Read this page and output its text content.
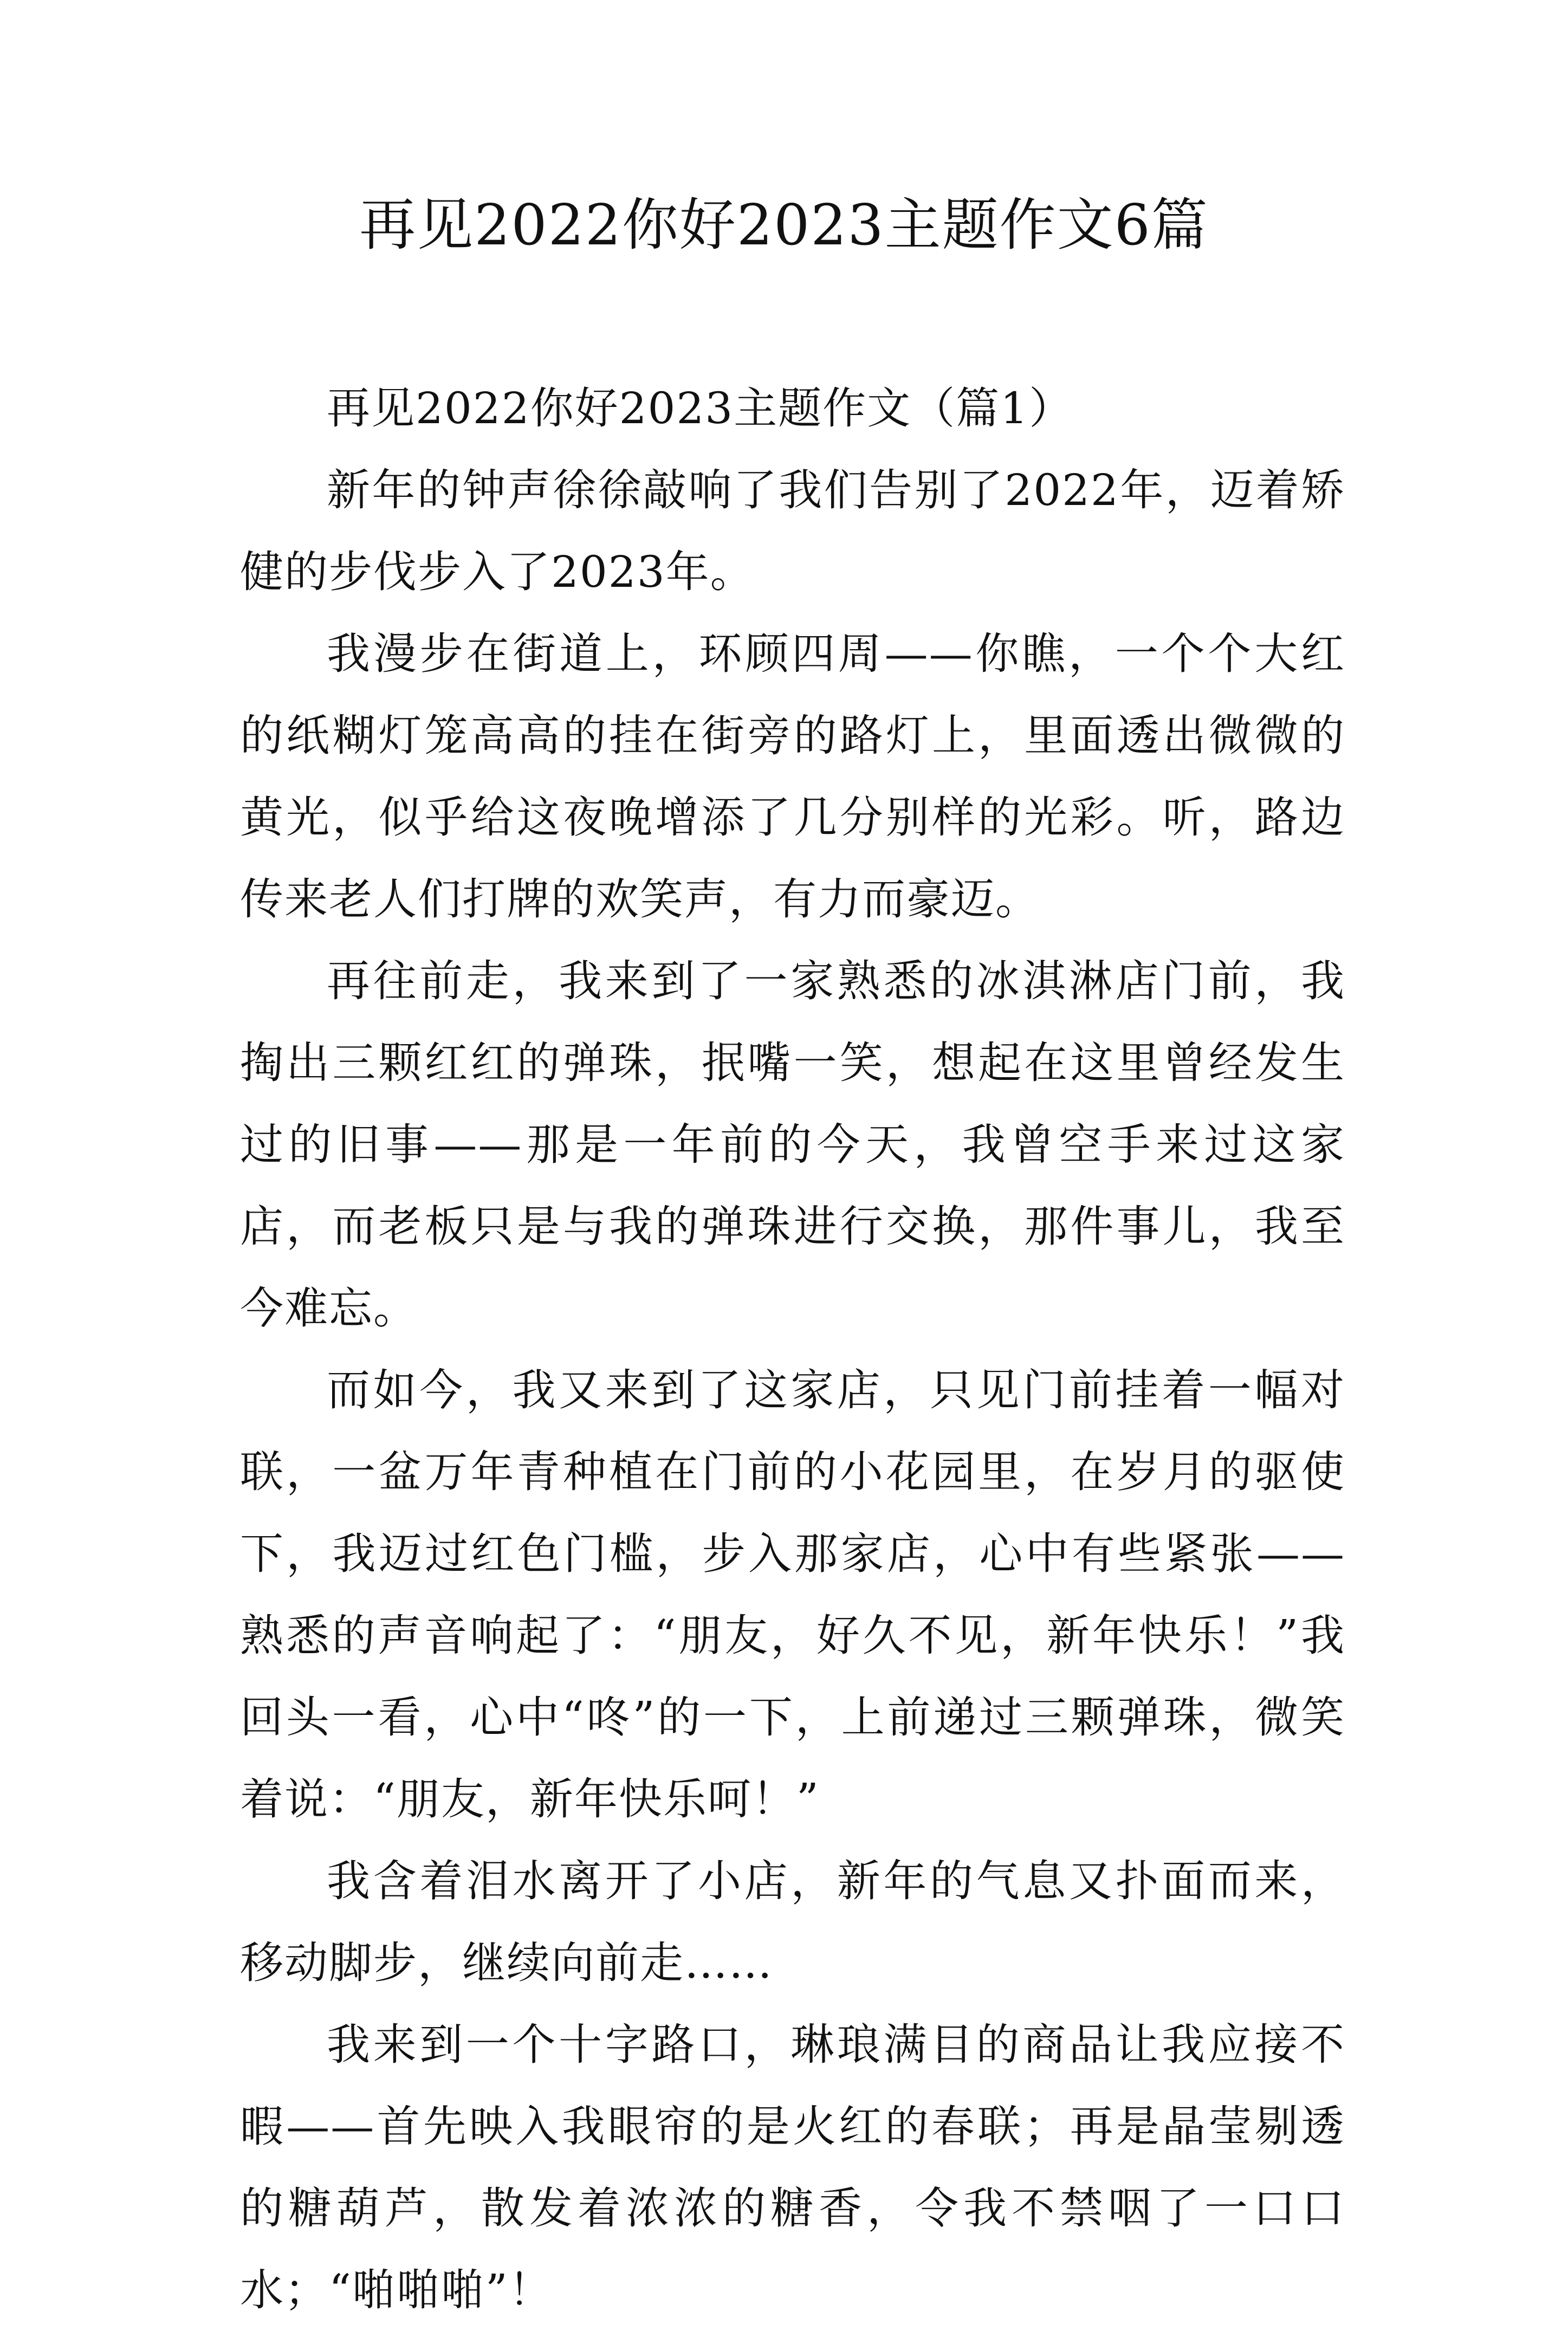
再见2022你好2023主题作文6篇

再见2022你好2023主题作文（篇1）

新年的钟声徐徐敲响了我们告别了2022年，迈着矫健的步伐步入了2023年。

我漫步在街道上，环顾四周——你瞧，一个个大红的纸糊灯笼高高的挂在街旁的路灯上，里面透出微微的黄光，似乎给这夜晚增添了几分别样的光彩。听，路边传来老人们打牌的欢笑声，有力而豪迈。

再往前走，我来到了一家熟悉的冰淇淋店门前，我掏出三颗红红的弹珠，抿嘴一笑，想起在这里曾经发生过的旧事——那是一年前的今天，我曾空手来过这家店，而老板只是与我的弹珠进行交换，那件事儿，我至今难忘。

而如今，我又来到了这家店，只见门前挂着一幅对联，一盆万年青种植在门前的小花园里，在岁月的驱使下，我迈过红色门槛，步入那家店，心中有些紧张——熟悉的声音响起了：“朋友，好久不见，新年快乐！”我回头一看，心中“咚”的一下，上前递过三颗弹珠，微笑着说：“朋友，新年快乐呵！”

我含着泪水离开了小店，新年的气息又扑面而来，移动脚步，继续向前走……

我来到一个十字路口，琳琅满目的商品让我应接不暇——首先映入我眼帘的是火红的春联；再是晶莹剔透的糖葫芦，散发着浓浓的糖香，令我不禁咽了一口口水；“啪啪啪”！
